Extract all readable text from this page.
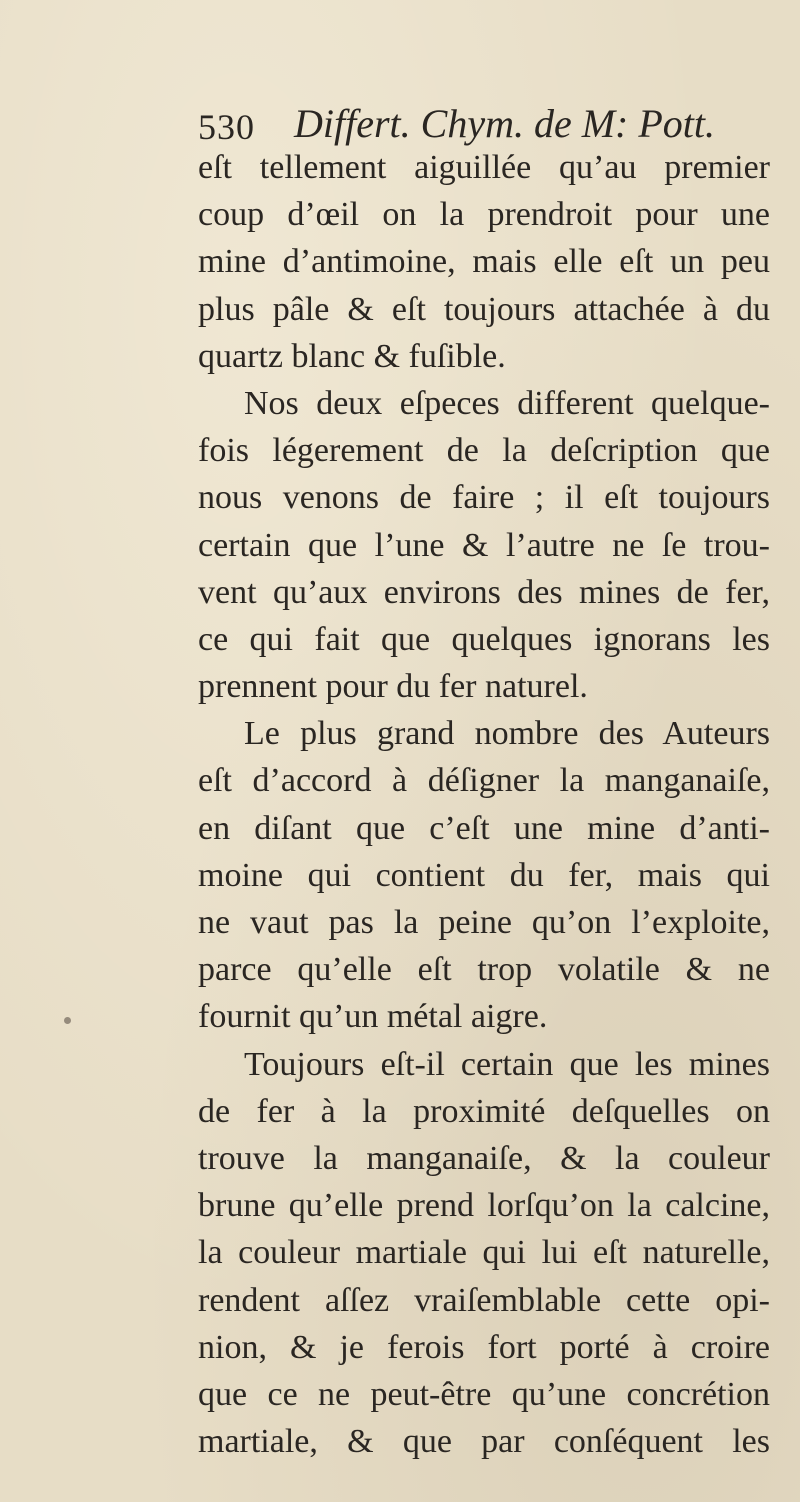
530 Differt. Chym. de M: Pott.
eſt tellement aiguillée qu’au premier
coup d’œil on la prendroit pour une
mine d’antimoine, mais elle eſt un peu
plus pâle & eſt toujours attachée à du
quartz blanc & fuſible.
Nos deux eſpeces different quelque-
fois légerement de la deſcription que
nous venons de faire ; il eſt toujours
certain que l’une & l’autre ne ſe trou-
vent qu’aux environs des mines de fer,
ce qui fait que quelques ignorans les
prennent pour du fer naturel.
Le plus grand nombre des Auteurs
eſt d’accord à déſigner la manganaiſe,
en diſant que c’eſt une mine d’anti-
moine qui contient du fer, mais qui
ne vaut pas la peine qu’on l’exploite,
parce qu’elle eſt trop volatile & ne
fournit qu’un métal aigre.
Toujours eſt-il certain que les mines
de fer à la proximité deſquelles on
trouve la manganaiſe, & la couleur
brune qu’elle prend lorſqu’on la calcine,
la couleur martiale qui lui eſt naturelle,
rendent aſſez vraiſemblable cette opi-
nion, & je ferois fort porté à croire
que ce ne peut-être qu’une concrétion
martiale, & que par conſéquent les
